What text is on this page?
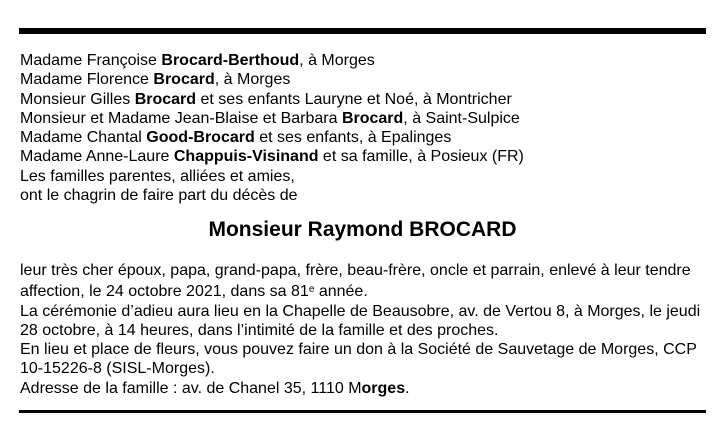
Madame Françoise Brocard-Berthoud, à Morges
Madame Florence Brocard, à Morges
Monsieur Gilles Brocard et ses enfants Lauryne et Noé, à Montricher
Monsieur et Madame Jean-Blaise et Barbara Brocard, à Saint-Sulpice
Madame Chantal Good-Brocard et ses enfants, à Epalinges
Madame Anne-Laure Chappuis-Visinand et sa famille, à Posieux (FR)
Les familles parentes, alliées et amies,
ont le chagrin de faire part du décès de
Monsieur Raymond BROCARD
leur très cher époux, papa, grand-papa, frère, beau-frère, oncle et parrain, enlevé à leur tendre
affection, le 24 octobre 2021, dans sa 81e année.
La cérémonie d’adieu aura lieu en la Chapelle de Beausobre, av. de Vertou 8, à Morges, le jeudi
28 octobre, à 14 heures, dans l’intimité de la famille et des proches.
En lieu et place de fleurs, vous pouvez faire un don à la Société de Sauvetage de Morges, CCP
10-15226-8 (SISL-Morges).
Adresse de la famille : av. de Chanel 35, 1110 Morges.
